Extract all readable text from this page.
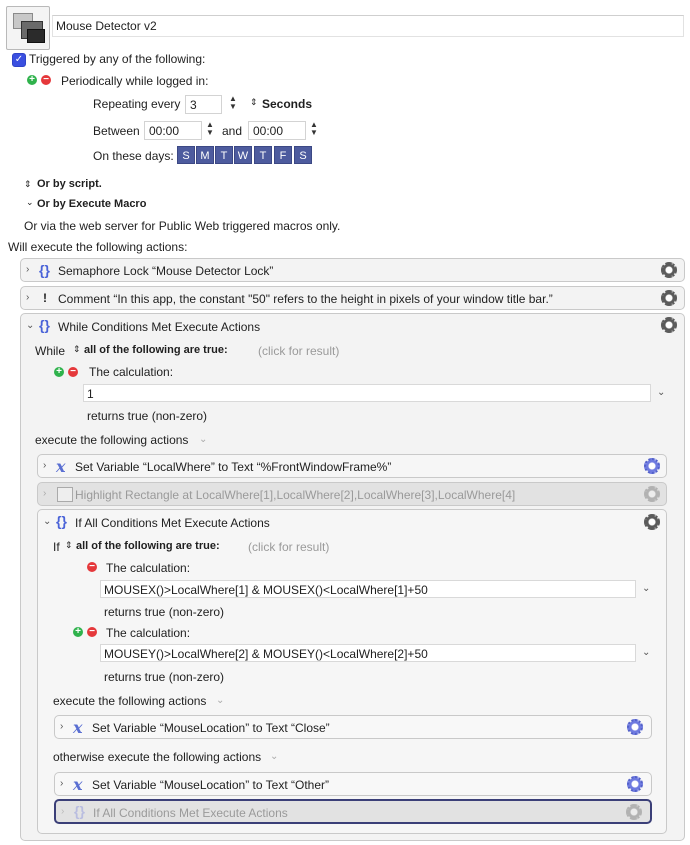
Mouse Detector v2
✓ Triggered by any of the following:
+ − Periodically while logged in:
Repeating every 3	▲
▼ ⇕ Seconds
Between 00:00	▲
▼ and 00:00	▲
▼
On these days: S M	T W	T	F	S
⇕ Or by script.
⌄ Or by Execute Macro
Or via the web server for Public Web triggered macros only.
Will execute the following actions:
› {} Semaphore Lock “Mouse Detector Lock”
› ! Comment “In this app, the constant "50" refers to the height in pixels of your window title bar.”
⌄ {} While Conditions Met Execute Actions
While ⇕ all of the following are true:	(click for result)
+ − The calculation:
1	⌄
returns true (non-zero)
execute the following actions ⌄
› x Set Variable “LocalWhere” to Text “%FrontWindowFrame%”
› Highlight Rectangle at LocalWhere[1],LocalWhere[2],LocalWhere[3],LocalWhere[4]
⌄ {} If All Conditions Met Execute Actions
If ⇕ all of the following are true: (click for result)
− The calculation:
MOUSEX()>LocalWhere[1] & MOUSEX()<LocalWhere[1]+50	⌄
returns true (non-zero)
+ − The calculation:
MOUSEY()>LocalWhere[2] & MOUSEY()<LocalWhere[2]+50	⌄
returns true (non-zero)
execute the following actions ⌄
› x Set Variable “MouseLocation” to Text “Close”
otherwise execute the following actions ⌄
› x Set Variable “MouseLocation” to Text “Other”
› {} If All Conditions Met Execute Actions
